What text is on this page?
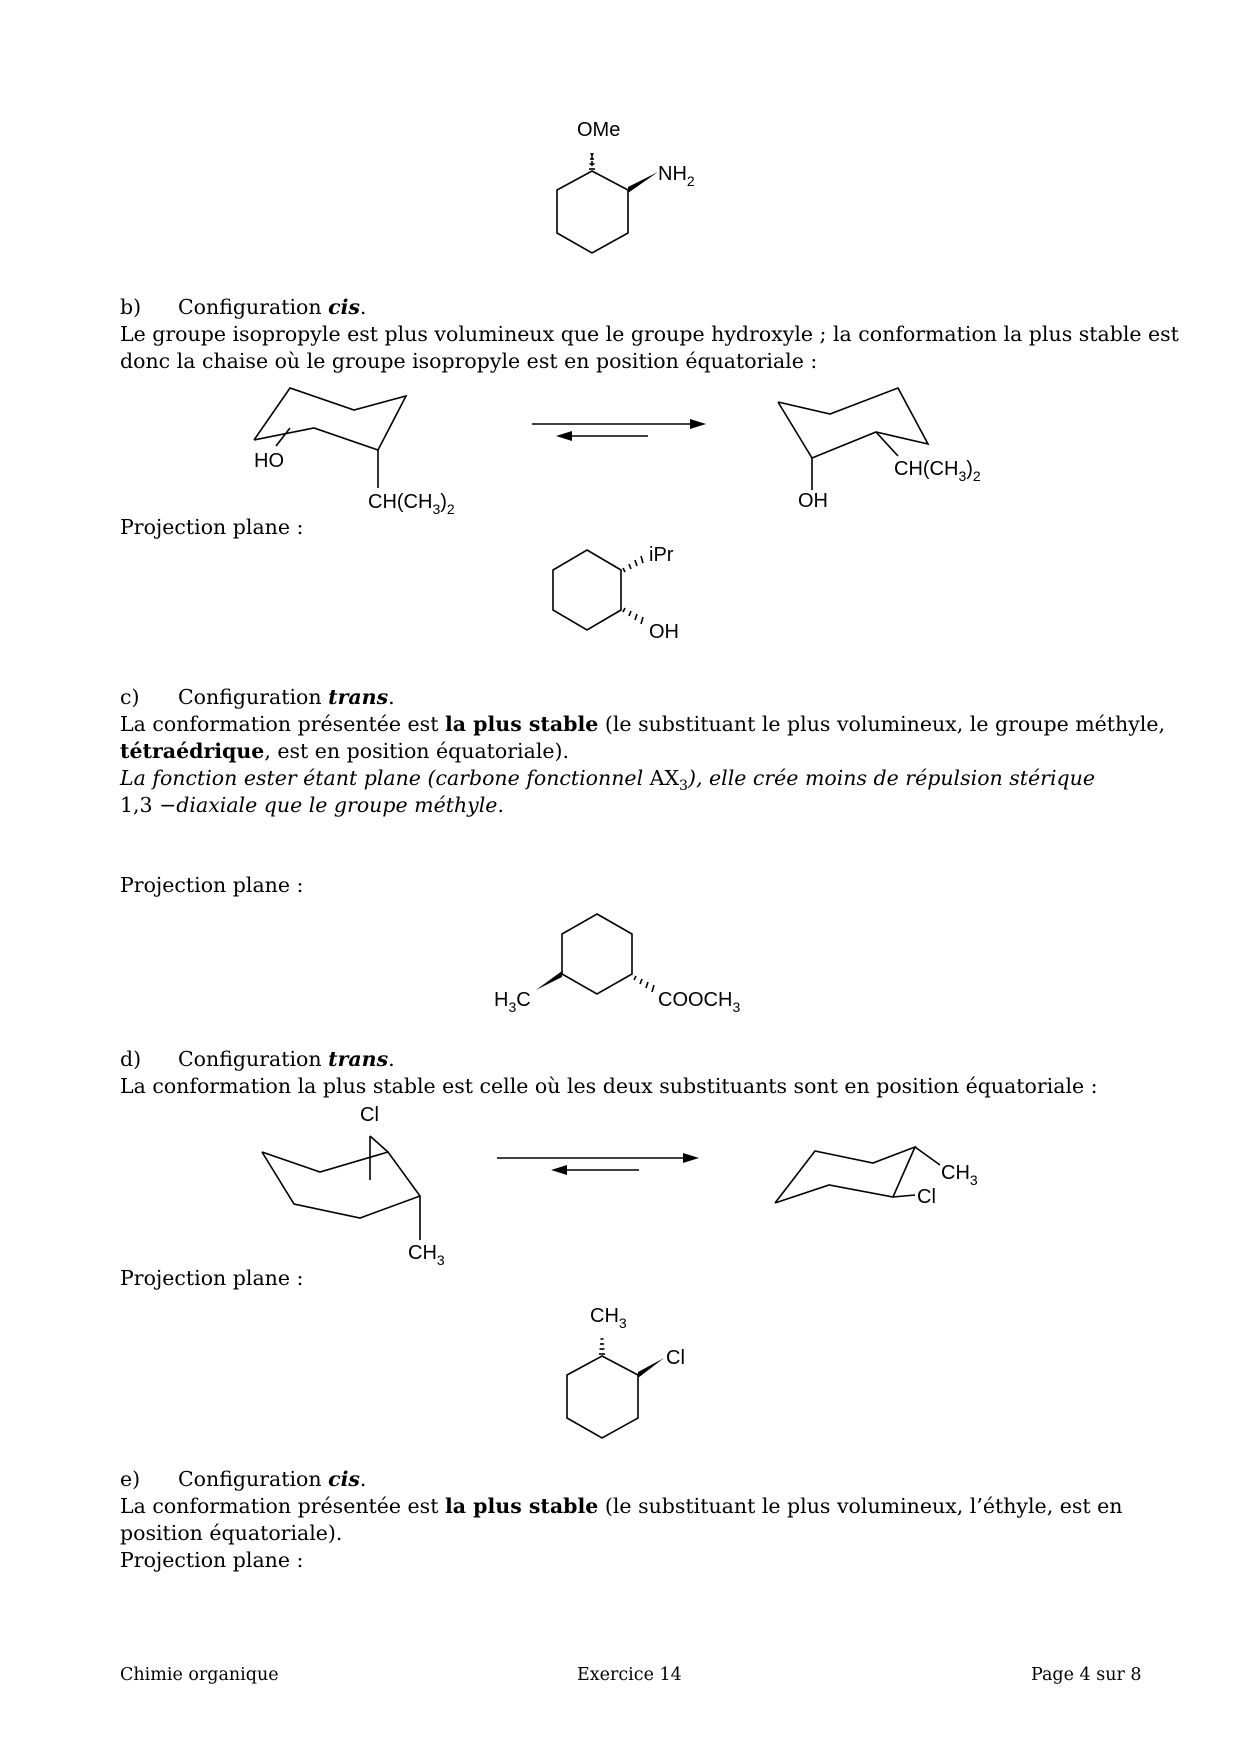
OMe
$NH_2$

b) Configuration cis.

Le groupe isopropyle est plus volumineux que le groupe hydroxyle ; la conformation la plus stable est

donc la chaise où le groupe isopropyle est en position équatoriale :

HO
$CH(CH_3)_2$	OH
$CH(CH_3)_2$

Projection plane :

iPr
OH

c) Configuration trans.

La conformation présentée est la plus stable (le substituant le plus volumineux, le groupe méthyle,

tétraédrique, est en position équatoriale).

La fonction ester étant plane (carbone fonctionnel $AX_3$), elle crée moins de répulsion stérique

1,3 −diaxiale que le groupe méthyle.

Projection plane :

$H_3C$	$COOCH_3$

d) Configuration trans.

La conformation la plus stable est celle où les deux substituants sont en position équatoriale :

Cl
$CH_3$
$CH_3$
Cl

Projection plane :

$CH_3$
Cl

e) Configuration cis.

La conformation présentée est la plus stable (le substituant le plus volumineux, l’éthyle, est en

position équatoriale).

Projection plane :

Chimie organique	Exercice 14	Page 4 sur 8
